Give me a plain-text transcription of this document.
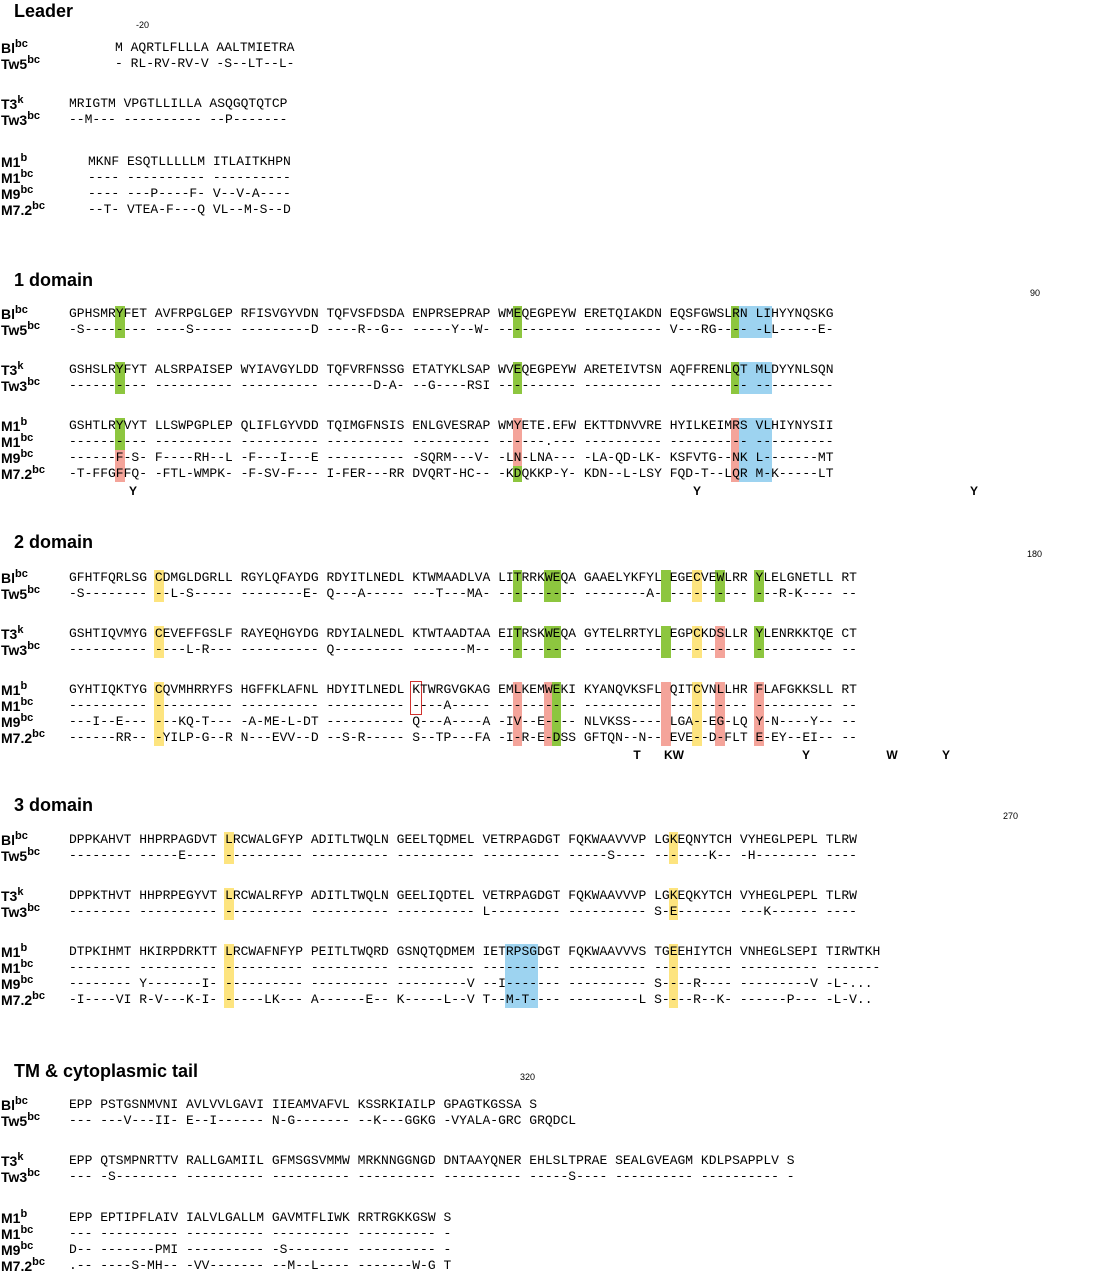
Leader
1 domain
2 domain
3 domain
TM & cytoplasmic tail
-20
90
180
270
320
$Bl^{bc}$	M AQRTLFLLLA AALTMIETRA
$Tw5^{bc}$	- RL-RV-RV-V -S--LT--L-
T3$^k$	MRIGTM VPGTLLILLA ASQGQTQTCP
$Tw3^{bc}$ --M--- ---------- --P-------
M1$^b$	MKNF ESQTLLLLLM ITLAITKHPN
$M1^{bc}$	---- ---------- ----------
$M9^{bc}$	---- ---P----F- V--V-A----
M7.2$^{bc}$	--T- VTEA-F---Q VL--M-S--D
$Bl^{bc}$	GPHSMRYFET AVFRPGLGEP RFISVGYVDN TQFVSFDSDA ENPRSEPRAP WMEQEGPEYW ERETQIAKDN EQSFGWSLRN LIHYYNQSKG
$Tw5^{bc}$ -S-------- ----S----- ---------D ----R--G-- -----Y--W- ---------- ---------- V---RG---- -LL-----E-
T3$^k$	GSHSLRYFYT ALSRPAISEP WYIAVGYLDD TQFVRFNSSG ETATYKLSAP WVEQEGPEYW ARETEIVTSN AQFFRENLQT MLDYYNLSQN
$Tw3^{bc}$ ---------- ---------- ---------- ------D-A- --G----RSI ---------- ---------- ---------- ----------
M1$^b$	GSHTLRYVYT LLSWPGPLEP QLIFLGYVDD TQIMGFNSIS ENLGVESRAP WMYETE.EFW EKTTDNVVRE HYILKEIMRS VLHIYNYSII
$M1^{bc}$	---------- ---------- ---------- ---------- ---------- ------.--- ---------- ---------- ----------
$M9^{bc}$	------F-S- F----RH--L -F---I---E ---------- -SQRM---V- -LN-LNA--- -LA-QD-LK- KSFVTG--NK L-------MT
M7.2$^{bc}$ -T-FFGFFQ- -FTL-WMPK- -F-SV-F--- I-FER---RR DVQRT-HC-- -KDQKKP-Y- KDN--L-LSY FQD-T--LQR M-K-----LT
$Bl^{bc}$	GFHTFQRLSG CDMGLDGRLL RGYLQFAYDG RDYITLNEDL KTWMAADLVA LITRRKWEQA GAAELYKFYL EGECVEWLRR YLELGNETLL RT
$Tw5^{bc}$ -S-------- --L-S----- --------E- Q---A----- ---T---MA- ---------- --------A- ---------- ---R-K---- --
T3$^k$	GSHTIQVMYG CEVEFFGSLF RAYEQHGYDG RDYIALNEDL KTWTAADTAA EITRSKWEQA GYTELRRTYL EGPCKDSLLR YLENRKKTQE CT
$Tw3^{bc}$ ---------- ----L-R--- ---------- Q--------- -------M-- ---------- ---------- ---------- ---------- --
M1$^b$	GYHTIQKTYG CQVMHRRYFS HGFFKLAFNL HDYITLNEDL KTWRGVGKAG EMLKEMWEKI KYANQVKSFL QITCVNLLHR FLAFGKKSLL RT
$M1^{bc}$	---------- ---------- ---------- ---------- ----A----- ---------- ---------- ---------- ---------- --
$M9^{bc}$	---I--E--- ---KQ-T--- -A-ME-L-DT ---------- Q---A----A -IV--E---- NLVKSS---- LGA--EG-LQ Y-N----Y-- --
M7.2$^{bc}$ ------RR-- -YILP-G--R N---EVV--D --S-R----- S--TP---FA -I-R-E-DSS GFTQN--N-- EVE--D-FLT E-EY--EI-- --
$Bl^{bc}$	DPPKAHVT HHPRPAGDVT LRCWALGFYP ADITLTWQLN GEELTQDMEL VETRPAGDGT FQKWAAVVVP LGKEQNYTCH VYHEGLPEPL TLRW
$Tw5^{bc}$ -------- -----E---- ---------- ---------- ---------- ---------- -----S---- -------K-- -H-------- ----
T3$^k$	DPPKTHVT HHPRPEGYVT LRCWALRFYP ADITLTWQLN GEELIQDTEL VETRPAGDGT FQKWAAVVVP LGKEQKYTCH VYHEGLPEPL TLRW
$Tw3^{bc}$ -------- ---------- ---------- ---------- ---------- L--------- ---------- S-E------- ---K------ ----
M1$^b$	DTPKIHMT HKIRPDRKTT LRCWAFNFYP PEITLTWQRD GSNQTQDMEM IETRPSGDGT FQKWAAVVVS TGEEHIYTCH VNHEGLSEPI TIRWTKH
$M1^{bc}$	-------- ---------- ---------- ---------- ---------- ---------- ---------- ---------- ---------- -------
$M9^{bc}$	-------- Y-------I- ---------- ---------- ---------V --I------- ---------- S----R---- ---------V -L-...
M7.2$^{bc}$ -I----VI R-V---K-I- -----LK--- A------E-- K-----L--V T--M-T---- ---------L S----R--K- ------P--- -L-V..
$Bl^{bc}$	EPP PSTGSNMVNI AVLVVLGAVI IIEAMVAFVL KSSRKIAILP GPAGTKGSSA S
$Tw5^{bc}$ --- ---V---II- E--I------ N-G------- --K---GGKG -VYALA-GRC GRQDCL
T3$^k$	EPP QTSMPNRTTV RALLGAMIIL GFMSGSVMMW MRKNNGGNGD DNTAAYQNER EHLSLTPRAE SEALGVEAGM KDLPSAPPLV S
$Tw3^{bc}$ --- -S-------- ---------- ---------- ---------- ---------- -----S---- ---------- ---------- -
M1$^b$	EPP EPTIPFLAIV IALVLGALLM GAVMTFLIWK RRTRGKKGSW S
$M1^{bc}$	--- ---------- ---------- ---------- ---------- -
$M9^{bc}$	D-- -------PMI ---------- -S-------- ---------- -
M7.2$^{bc}$ .-- ----S-MH-- -VV------- --M--L---- -------W-G T
Y	Y	Y
T KW	Y	W	Y
